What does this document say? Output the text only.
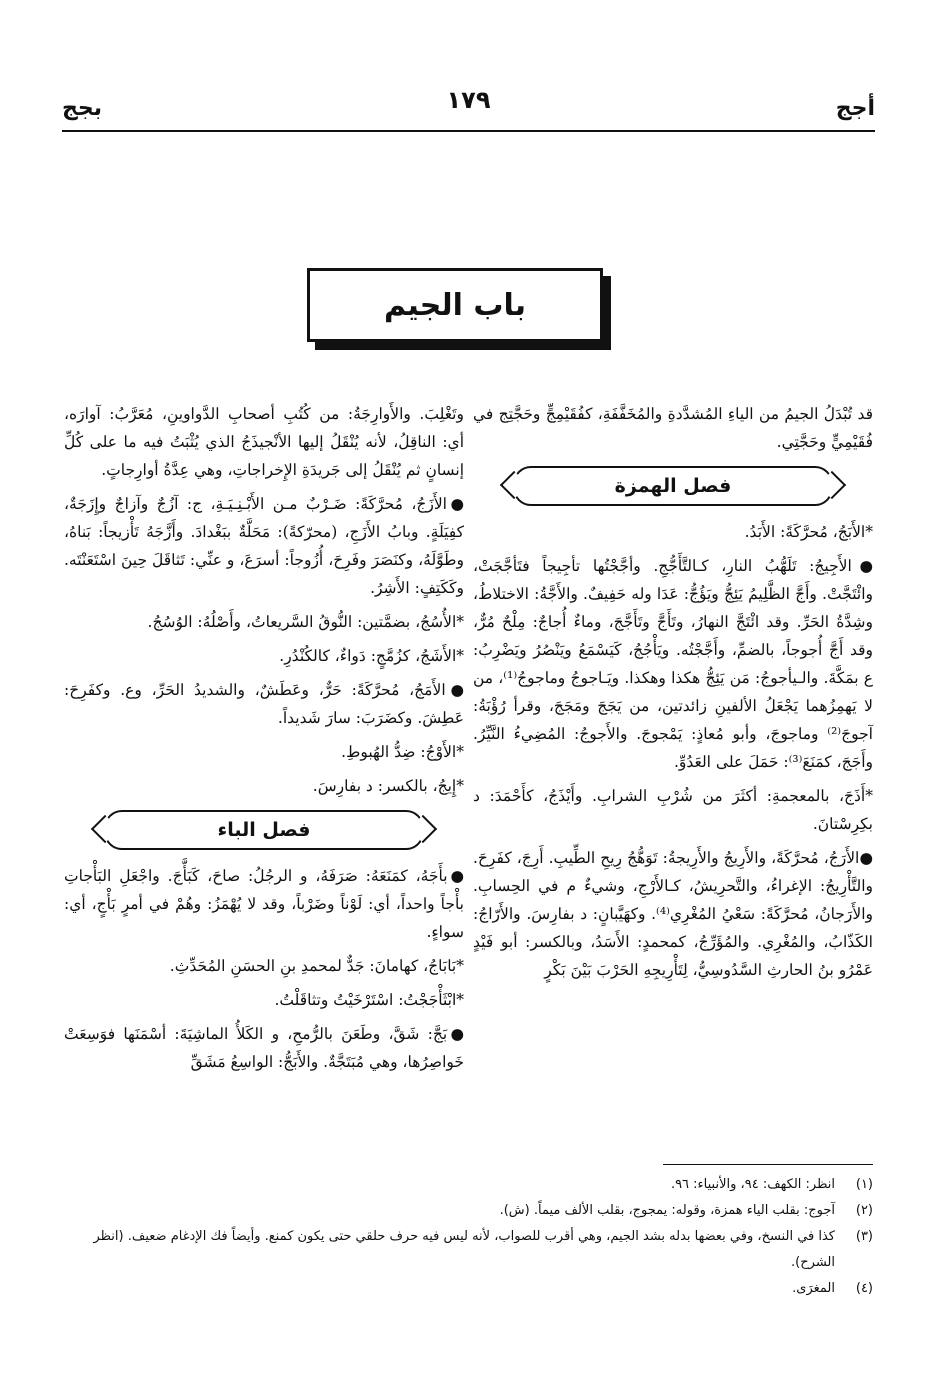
أجج
١٧٩
بجج
باب الجيم

قد تُبْدَلُ الجيمُ من الياءِ المُشدَّدةِ والمُخَفَّفَةِ، كفُقَيْمِجٍّ وحَجَّتِج في فُقَيْمِيٍّ وحَجَّتِي.

فصل الهمزة

*الأَبَجُ، مُحرَّكَةً: الأَبَدُ.

●الأَجِيجُ: تَلَهُّبُ النارِ، كـالتَّأَجُّجِ. وأجَّجْتُها تأجِيجاً فتَأجَّجَتْ، وائْتَجَّتْ. وأَجَّ الظَّلِيمُ يَئِجُّ ويَؤُجُّ: عَدَا وله حَفِيفٌ. والأَجَّةُ: الاختلاطُ، وشِدَّةُ الحَرِّ. وقد ائْتَجَّ النهارُ، وتَأَجَّ وتَأَجَّجَ، وماءٌ أُجاجٌ: مِلْحٌ مُرٌّ، وقد أَجَّ أُجوجاً، بالضمِّ، وأَجَّجْتُه. ويَأْجُجُ، كَيَسْمَعُ ويَنْصُرُ ويَضْرِبُ: ع بمَكَّةَ. والـيأجوجُ: مَن يَئِجُّ هكذا وهكذا. ويَـاجوجُ وماجوجُ⁽¹⁾، من لا يَهمِزُهما يَجْعَلُ الألفينِ زائدتين، من يَجَجَ ومَجَجَ، وقرأ رُؤْبَةُ: آجوجَ⁽²⁾ وماجوجَ، وأبو مُعاذٍ: يَمْجوجَ. والأَجوجُ: المُضِيءُ النَّيِّرُ. وأَجَجَ، كمَنَعَ⁽³⁾: حَمَلَ على العَدُوِّ.

*أَذَجَ، بالمعجمةِ: أكثَرَ من شُرْبِ الشرابِ. وأَيْذَجُ، كأَحْمَدَ: د بكِرِسْتانَ.

●الأَرَجُ، مُحرَّكَةً، والأَرِيجُ والأَرِيجةُ: تَوَهُّجُ رِيحِ الطِّيبِ. أَرِجَ، كفَرِحَ. والتَّأْرِيجُ: الإغراءُ، والتَّحرِيشُ، كـالأَرْجِ، وشيءٌ م في الحِسابِ. والأَرَجانُ، مُحرَّكَةً: سَعْيُ المُغْرِي⁽⁴⁾. وكهَيَّبانٍ: د بفارِسَ. والأَرّاجُ: الكَذّابُ، والمُغْرِي. والمُؤَرِّجُ، كمحمدٍ: الأَسَدُ، وبالكسر: أبو فَيْدٍ عَمْرُو بنُ الحارثِ السَّدُوسِيُّ، لِتَأْرِيجِهِ الحَرْبَ بَيْنَ بَكْرٍ

وتَغْلِبَ. والأَوارِجَةُ: من كُتُبِ أصحابِ الدَّواوينِ، مُعَرَّبُ: آوارَه، أي: الناقِلُ، لأنه يُنْقَلُ إليها الأنْجيذَجُ الذي يُثْبَتُ فيه ما على كُلِّ إنسانٍ ثم يُنْقَلُ إلى جَريدَةِ الإِخراجاتِ، وهي عِدَّةُ أوارِجاتٍ.

●الأَزَجُ، مُحرَّكَةً: ضَـرْبٌ مـن الأَبْـنِـيَـةِ، ج: آزُجٌ وآزاجٌ وإِزَجَةٌ، كفِيَلَةٍ. وبابُ الأَزَجِ، (محرّكةً): مَحَلَّةٌ ببَغْدادَ. وأَزَّجَهُ تَأْزيجاً: بَناهُ، وطَوَّلَهُ، وكنَصَرَ وفَرِحَ، أُزُوجاً: أسرَعَ، و عنِّي: تَثاقَلَ حِينَ اسْتَعَنْتَه. وكَكَتِفٍ: الأَشِرُ.

*الأُسُجُ، بضمَّتين: النُّوقُ السَّريعاتُ، وأَصْلُهُ: الوُسُجُ.

*الأَشَجُ، كزُمَّجٍ: دَواءٌ، كالكُنْدُرِ.

●الأَمَجُ، مُحرَّكَةً: حَرٌّ، وعَطَشٌ، والشديدُ الحَرِّ، وع. وكفَرِحَ: عَطِشَ. وكضَرَبَ: سارَ شَديداً.

*الأَوْجُ: ضِدُّ الهُبوطِ.

*إِيجُ، بالكسر: د بفارِسَ.

فصل الباء

●بأَجَهُ، كمَنَعَهُ: صَرَفَهُ، و الرجُلُ: صاحَ، كَبَأَّجَ. واجْعَلِ البَأْجاتِ بأْجاً واحداً، أي: لَوْناً وضَرْباً، وقد لا يُهْمَزُ: وهُمْ في أمرٍ بَأْجٍ، أي: سواءٍ.

*بَابَاجُ، كهامانَ: جَدٌّ لمحمدِ بنِ الحسَنِ المُحَدِّثِ.

*ابْثَأْجَجْتُ: اسْتَرْخَيْتُ وتثاقَلْتُ.

●بَجَّ: شَقَّ، وطَعَنَ بالرُّمحِ، و الكَلأُ الماشِيَةَ: أسْمَنَها فوَسِعَتْ خَواصِرُها، وهي مُبَتَجَّةٌ. والأَبَجُّ: الواسِعُ مَشَقِّ

(١)
انظر: الكهف: ٩٤، والأنبياء: ٩٦.
(٢)
آجوج: بقلب الياء همزة، وقوله: يمجوج، بقلب الألف ميماً. (ش).
(٣)
كذا في النسخ، وفي بعضها بدله بشد الجيم، وهي أقرب للصواب، لأنه ليس فيه حرف حلقي حتى يكون كمنع. وأيضاً فك الإدغام ضعيف. (انظر الشرح).
(٤)
المغرَى.
